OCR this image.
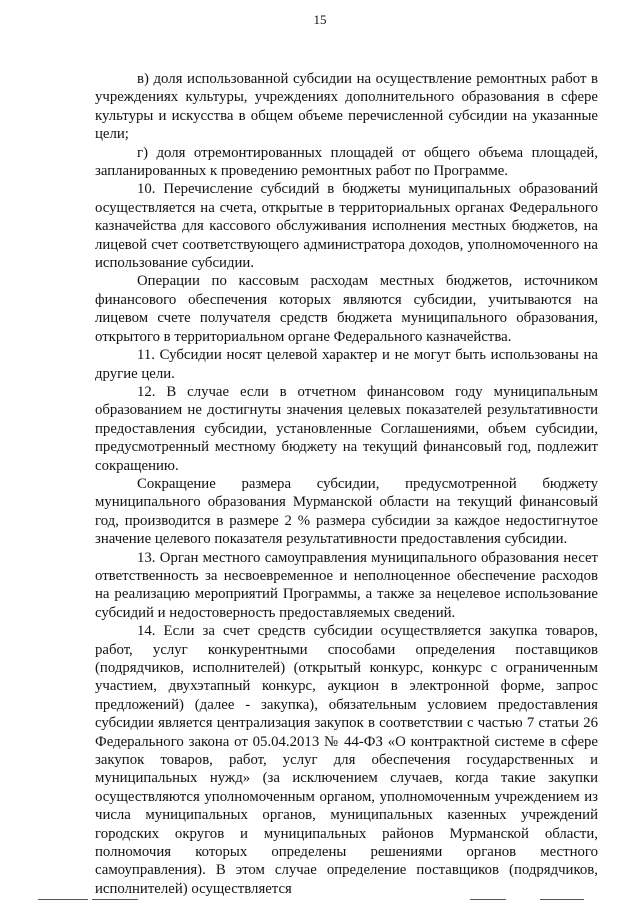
15

в) доля использованной субсидии на осуществление ремонтных работ в учреждениях культуры, учреждениях дополнительного образования в сфере культуры и искусства в общем объеме перечисленной субсидии на указанные цели;

г) доля отремонтированных площадей от общего объема площадей, запланированных к проведению ремонтных работ по Программе.

10. Перечисление субсидий в бюджеты муниципальных образований осуществляется на счета, открытые в территориальных органах Федерального казначейства для кассового обслуживания исполнения местных бюджетов, на лицевой счет соответствующего администратора доходов, уполномоченного на использование субсидии.

Операции по кассовым расходам местных бюджетов, источником финансового обеспечения которых являются субсидии, учитываются на лицевом счете получателя средств бюджета муниципального образования, открытого в территориальном органе Федерального казначейства.

11. Субсидии носят целевой характер и не могут быть использованы на другие цели.

12. В случае если в отчетном финансовом году муниципальным образованием не достигнуты значения целевых показателей результативности предоставления субсидии, установленные Соглашениями, объем субсидии, предусмотренный местному бюджету на текущий финансовый год, подлежит сокращению.

Сокращение размера субсидии, предусмотренной бюджету муниципального образования Мурманской области на текущий финансовый год, производится в размере 2 % размера субсидии за каждое недостигнутое значение целевого показателя результативности предоставления субсидии.

13. Орган местного самоуправления муниципального образования несет ответственность за несвоевременное и неполноценное обеспечение расходов на реализацию мероприятий Программы, а также за нецелевое использование субсидий и недостоверность предоставляемых сведений.

14. Если за счет средств субсидии осуществляется закупка товаров, работ, услуг конкурентными способами определения поставщиков (подрядчиков, исполнителей) (открытый конкурс, конкурс с ограниченным участием, двухэтапный конкурс, аукцион в электронной форме, запрос предложений) (далее - закупка), обязательным условием предоставления субсидии является централизация закупок в соответствии с частью 7 статьи 26 Федерального закона от 05.04.2013 № 44-ФЗ «О контрактной системе в сфере закупок товаров, работ, услуг для обеспечения государственных и муниципальных нужд» (за исключением случаев, когда такие закупки осуществляются уполномоченным органом, уполномоченным учреждением из числа муниципальных органов, муниципальных казенных учреждений городских округов и муниципальных районов Мурманской области, полномочия которых определены решениями органов местного самоуправления). В этом случае определение поставщиков (подрядчиков, исполнителей) осуществляется
